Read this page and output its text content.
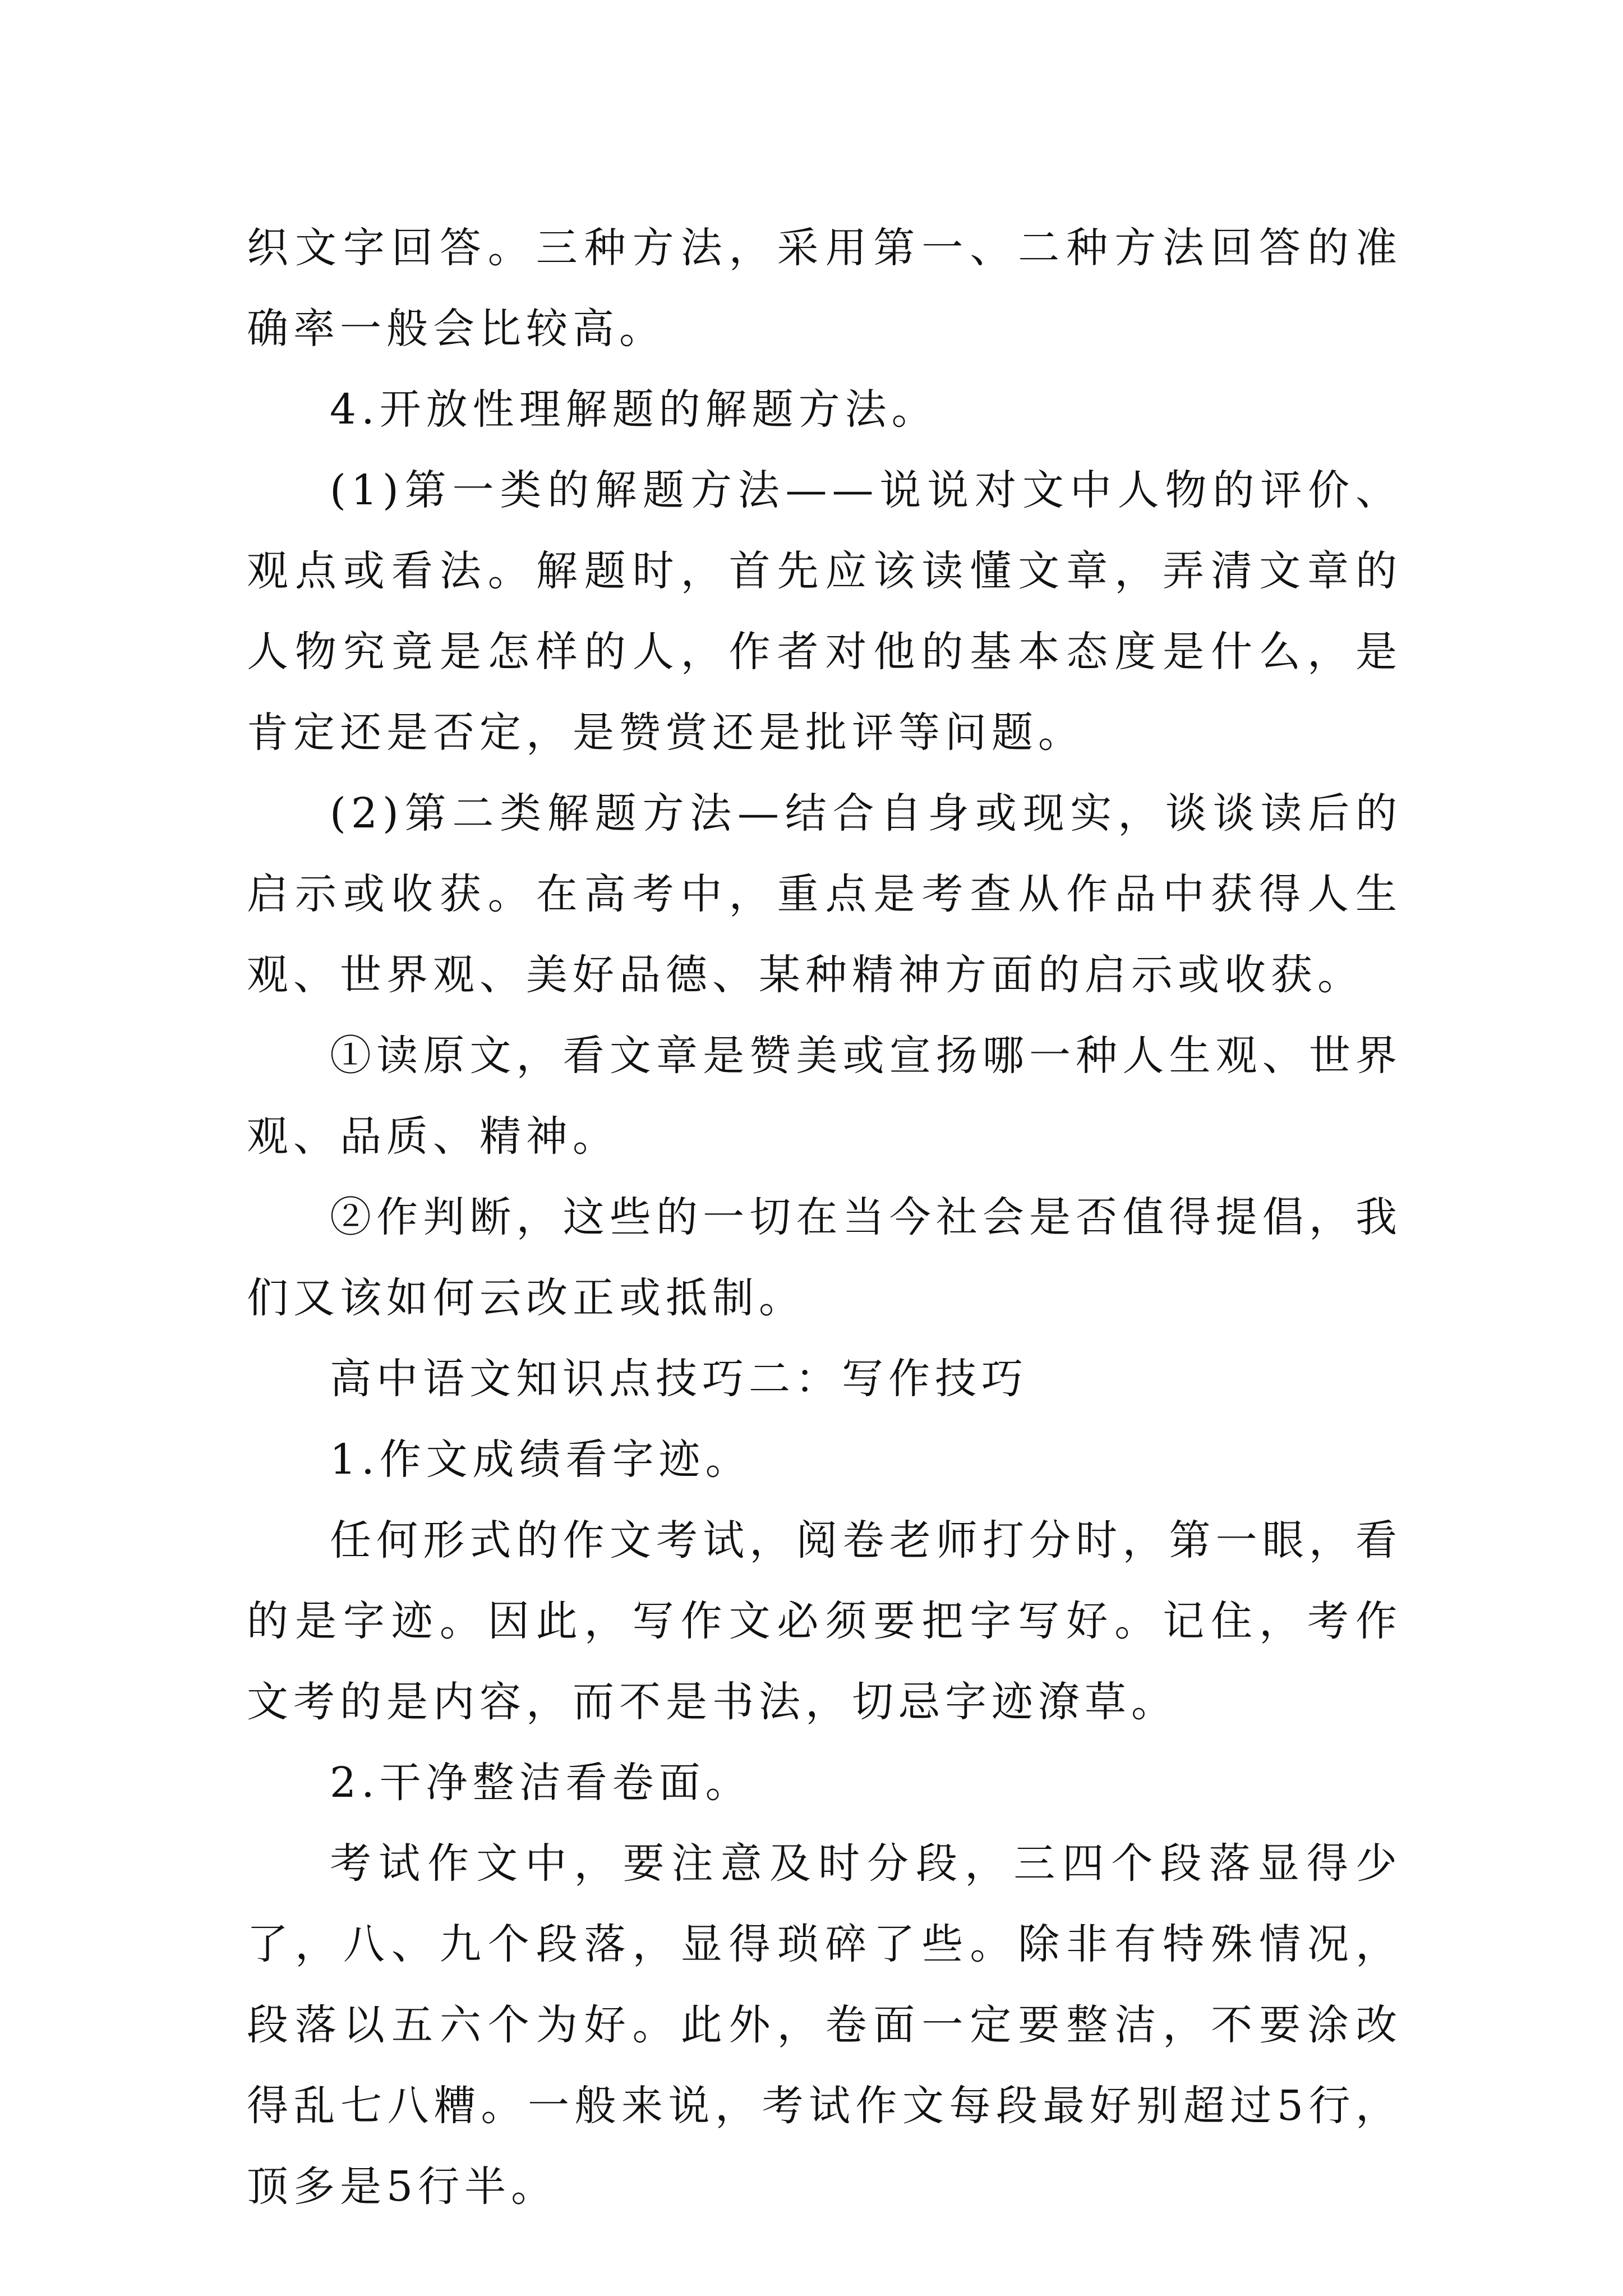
织文字回答。三种方法，采用第一、二种方法回答的准确率一般会比较高。

4.开放性理解题的解题方法。

(1)第一类的解题方法——说说对文中人物的评价、观点或看法。解题时，首先应该读懂文章，弄清文章的人物究竟是怎样的人，作者对他的基本态度是什么，是肯定还是否定，是赞赏还是批评等问题。

(2)第二类解题方法—结合自身或现实，谈谈读后的启示或收获。在高考中，重点是考查从作品中获得人生观、世界观、美好品德、某种精神方面的启示或收获。

①读原文，看文章是赞美或宣扬哪一种人生观、世界观、品质、精神。

②作判断，这些的一切在当今社会是否值得提倡，我们又该如何云改正或抵制。

高中语文知识点技巧二：写作技巧

1.作文成绩看字迹。

任何形式的作文考试，阅卷老师打分时，第一眼，看的是字迹。因此，写作文必须要把字写好。记住，考作文考的是内容，而不是书法，切忌字迹潦草。

2.干净整洁看卷面。

考试作文中，要注意及时分段，三四个段落显得少了，八、九个段落，显得琐碎了些。除非有特殊情况，段落以五六个为好。此外，卷面一定要整洁，不要涂改得乱七八糟。一般来说，考试作文每段最好别超过5行，顶多是5行半。
